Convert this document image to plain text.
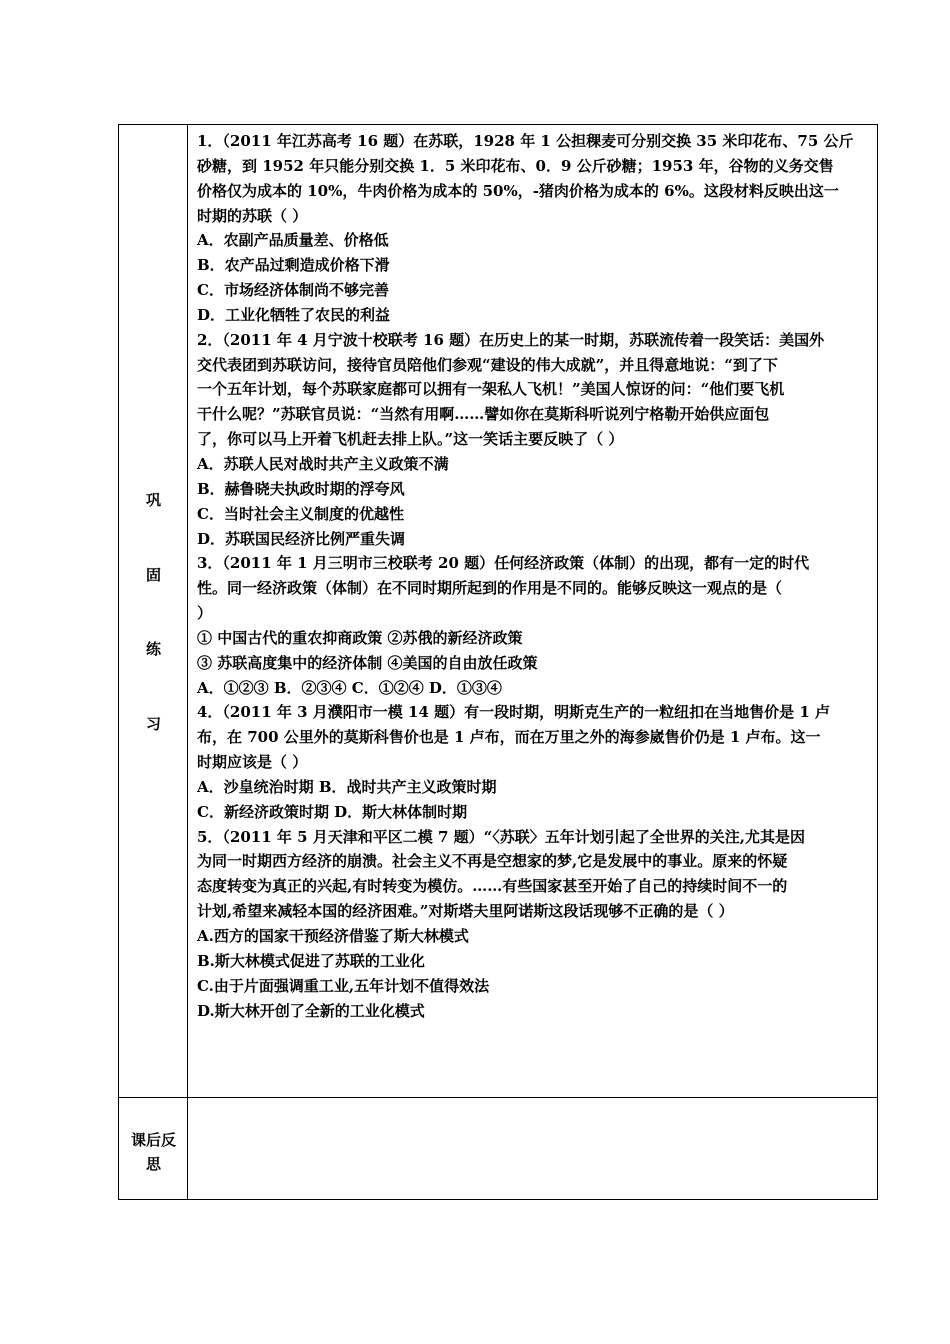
巩
固
练
习
1．（2011 年江苏高考 16 题）在苏联，1928 年 1 公担稞麦可分别交换 35 米印花布、75 公斤
砂糖，到 1952 年只能分别交换 1．5 米印花布、0．9 公斤砂糖；1953 年，谷物的义务交售
价格仅为成本的 10%，牛肉价格为成本的 50%，-猪肉价格为成本的 6%。这段材料反映出这一
时期的苏联（ ）
A．农副产品质量差、价格低
B．农产品过剩造成价格下滑
C．市场经济体制尚不够完善
D．工业化牺牲了农民的利益
2．（2011 年 4 月宁波十校联考 16 题）在历史上的某一时期，苏联流传着一段笑话：美国外
交代表团到苏联访问，接待官员陪他们参观“建设的伟大成就”，并且得意地说：“到了下
一个五年计划，每个苏联家庭都可以拥有一架私人飞机！”美国人惊讶的问：“他们要飞机
干什么呢？”苏联官员说：“当然有用啊……譬如你在莫斯科听说列宁格勒开始供应面包
了，你可以马上开着飞机赶去排上队。”这一笑话主要反映了（ ）
A．苏联人民对战时共产主义政策不满
B．赫鲁晓夫执政时期的浮夸风
C．当时社会主义制度的优越性
D．苏联国民经济比例严重失调
3．（2011 年 1 月三明市三校联考 20 题）任何经济政策（体制）的出现，都有一定的时代
性。同一经济政策（体制）在不同时期所起到的作用是不同的。能够反映这一观点的是（
）
① 中国古代的重农抑商政策 ②苏俄的新经济政策
③ 苏联高度集中的经济体制 ④美国的自由放任政策
A．①②③ B．②③④ C．①②④ D．①③④
4．（2011 年 3 月濮阳市一模 14 题）有一段时期，明斯克生产的一粒纽扣在当地售价是 1 卢
布，在 700 公里外的莫斯科售价也是 1 卢布，而在万里之外的海参崴售价仍是 1 卢布。这一
时期应该是（ ）
A．沙皇统治时期 B．战时共产主义政策时期
C．新经济政策时期 D．斯大林体制时期
5．（2011 年 5 月天津和平区二模 7 题）“〈苏联〉五年计划引起了全世界的关注,尤其是因
为同一时期西方经济的崩溃。社会主义不再是空想家的梦,它是发展中的事业。原来的怀疑
态度转变为真正的兴起,有时转变为模仿。……有些国家甚至开始了自己的持续时间不一的
计划,希望来减轻本国的经济困难。”对斯塔夫里阿诺斯这段话现够不正确的是（ ）
A.西方的国家干预经济借鉴了斯大林模式
B.斯大林模式促进了苏联的工业化
C.由于片面强调重工业,五年计划不值得效法
D.斯大林开创了全新的工业化模式
课后反
思
